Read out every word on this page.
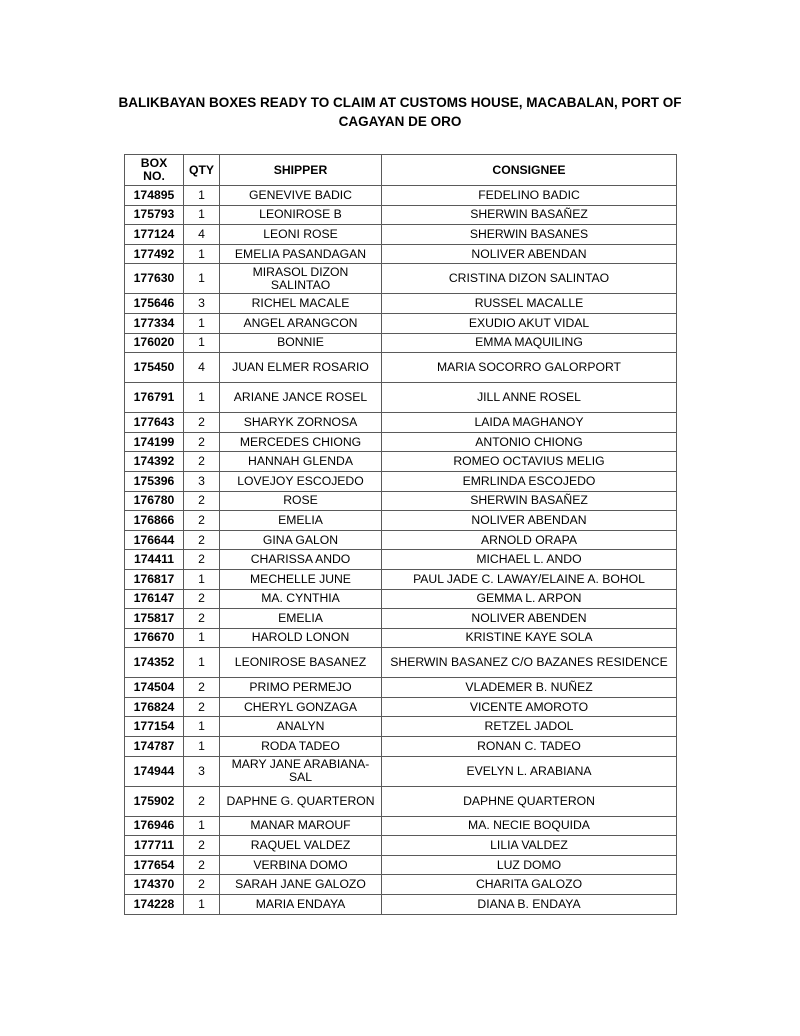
BALIKBAYAN BOXES READY TO CLAIM AT CUSTOMS HOUSE, MACABALAN, PORT OF
CAGAYAN DE ORO
BOX
NO.	QTY	SHIPPER	CONSIGNEE
174895	1	GENEVIVE BADIC	FEDELINO BADIC
175793	1	LEONIROSE B	SHERWIN BASAÑEZ
177124	4	LEONI ROSE	SHERWIN BASANES
177492	1	EMELIA PASANDAGAN	NOLIVER ABENDAN
177630	1	MIRASOL DIZON SALINTAO	CRISTINA DIZON SALINTAO
175646	3	RICHEL MACALE	RUSSEL MACALLE
177334	1	ANGEL ARANGCON	EXUDIO AKUT VIDAL
176020	1	BONNIE	EMMA MAQUILING
175450	4	JUAN ELMER ROSARIO	MARIA SOCORRO GALORPORT
176791	1	ARIANE JANCE ROSEL	JILL ANNE ROSEL
177643	2	SHARYK ZORNOSA	LAIDA MAGHANOY
174199	2	MERCEDES CHIONG	ANTONIO CHIONG
174392	2	HANNAH GLENDA	ROMEO OCTAVIUS MELIG
175396	3	LOVEJOY ESCOJEDO	EMRLINDA ESCOJEDO
176780	2	ROSE	SHERWIN BASAÑEZ
176866	2	EMELIA	NOLIVER ABENDAN
176644	2	GINA GALON	ARNOLD ORAPA
174411	2	CHARISSA ANDO	MICHAEL L. ANDO
176817	1	MECHELLE JUNE	PAUL JADE C. LAWAY/ELAINE A. BOHOL
176147	2	MA. CYNTHIA	GEMMA L. ARPON
175817	2	EMELIA	NOLIVER ABENDEN
176670	1	HAROLD LONON	KRISTINE KAYE SOLA
174352	1	LEONIROSE BASANEZ	SHERWIN BASANEZ C/O BAZANES RESIDENCE
174504	2	PRIMO PERMEJO	VLADEMER B. NUÑEZ
176824	2	CHERYL GONZAGA	VICENTE AMOROTO
177154	1	ANALYN	RETZEL JADOL
174787	1	RODA TADEO	RONAN C. TADEO
174944	3	MARY JANE ARABIANA-SAL	EVELYN L. ARABIANA
175902	2	DAPHNE G. QUARTERON	DAPHNE QUARTERON
176946	1	MANAR MAROUF	MA. NECIE BOQUIDA
177711	2	RAQUEL VALDEZ	LILIA VALDEZ
177654	2	VERBINA DOMO	LUZ DOMO
174370	2	SARAH JANE GALOZO	CHARITA GALOZO
174228	1	MARIA ENDAYA	DIANA B. ENDAYA
